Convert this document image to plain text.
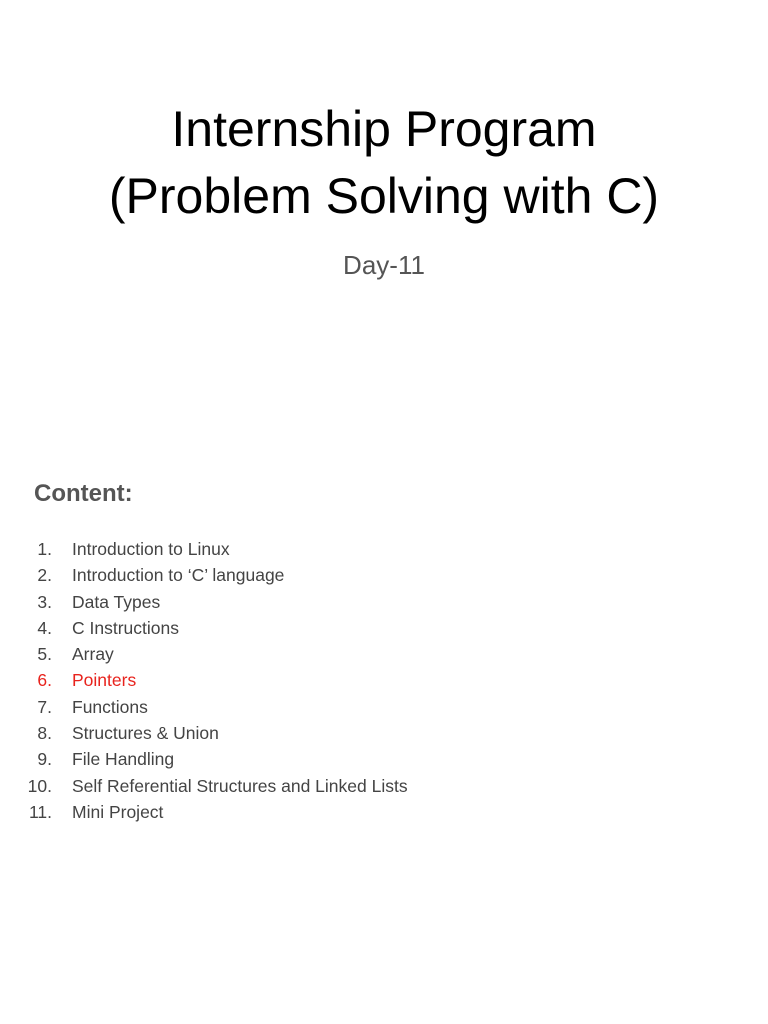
Internship Program
(Problem Solving with C)
Day-11
Content:
1. Introduction to Linux
2. Introduction to ‘C’ language
3. Data Types
4. C Instructions
5. Array
6. Pointers
7. Functions
8. Structures & Union
9. File Handling
10. Self Referential Structures and Linked Lists
11. Mini Project
